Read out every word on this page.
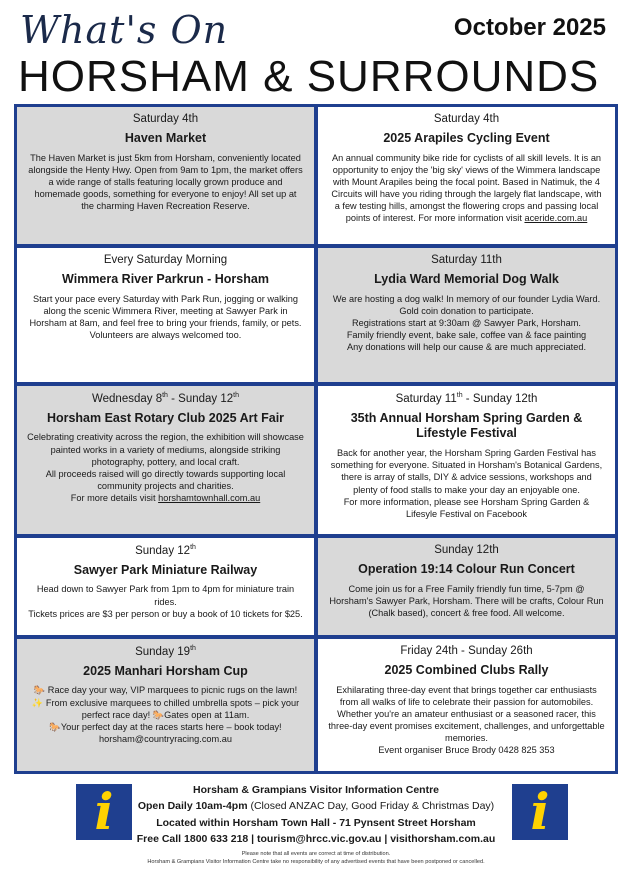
What's On	October 2025
HORSHAM & SURROUNDS
Saturday 4th
Haven Market
The Haven Market is just 5km from Horsham, conveniently located alongside the Henty Hwy. Open from 9am to 1pm, the market offers a wide range of stalls featuring locally grown produce and homemade goods, something for everyone to enjoy! All set up at the charming Haven Recreation Reserve.
Saturday 4th
2025 Arapiles Cycling Event
An annual community bike ride for cyclists of all skill levels. It is an opportunity to enjoy the 'big sky' views of the Wimmera landscape with Mount Arapiles being the focal point. Based in Natimuk, the 4 Circuits will have you riding through the largely flat landscape, with a few testing hills, amongst the flowering crops and passing local points of interest. For more information visit aceride.com.au
Every Saturday Morning
Wimmera River Parkrun - Horsham
Start your pace every Saturday with Park Run, jogging or walking along the scenic Wimmera River, meeting at Sawyer Park in Horsham at 8am, and feel free to bring your friends, family, or pets. Volunteers are always welcomed too.
Saturday 11th
Lydia Ward Memorial Dog Walk
We are hosting a dog walk! In memory of our founder Lydia Ward.
Gold coin donation to participate.
Registrations start at 9:30am @ Sawyer Park, Horsham.
Family friendly event, bake sale, coffee van & face painting
Any donations will help our cause & are much appreciated.
Wednesday 8th - Sunday 12th
Horsham East Rotary Club 2025 Art Fair
Celebrating creativity across the region, the exhibition will showcase painted works in a variety of mediums, alongside striking photography, pottery, and local craft.
All proceeds raised will go directly towards supporting local community projects and charities.
For more details visit horshamtownhall.com.au
Saturday 11th - Sunday 12th
35th Annual Horsham Spring Garden & Lifestyle Festival
Back for another year, the Horsham Spring Garden Festival has something for everyone. Situated in Horsham's Botanical Gardens, there is array of stalls, DIY & advice sessions, workshops and plenty of food stalls to make your day an enjoyable one.
For more information, please see Horsham Spring Garden & Lifesyle Festival on Facebook
Sunday 12th
Sawyer Park Miniature Railway
Head down to Sawyer Park from 1pm to 4pm for miniature train rides.
Tickets prices are $3 per person or buy a book of 10 tickets for $25.
Sunday 12th
Operation 19:14 Colour Run Concert
Come join us for a Free Family friendly fun time, 5-7pm @ Horsham's Sawyer Park, Horsham. There will be crafts, Colour Run (Chalk based), concert & free food. All welcome.
Sunday 19th
2025 Manhari Horsham Cup
🐎 Race day your way, VIP marquees to picnic rugs on the lawn!
✨ From exclusive marquees to chilled umbrella spots – pick your perfect race day! 🐎Gates open at 11am.
🐎Your perfect day at the races starts here – book today!
horsham@countryracing.com.au
Friday 24th - Sunday 26th
2025 Combined Clubs Rally
Exhilarating three-day event that brings together car enthusiasts from all walks of life to celebrate their passion for automobiles. Whether you're an amateur enthusiast or a seasoned racer, this three-day event promises excitement, challenges, and unforgettable memories.
Event organiser Bruce Brody 0428 825 353
i	Horsham & Grampians Visitor Information Centre
Open Daily 10am-4pm (Closed ANZAC Day, Good Friday & Christmas Day)
Located within Horsham Town Hall - 71 Pynsent Street Horsham
Free Call 1800 633 218 | tourism@hrcc.vic.gov.au | visithorsham.com.au i
Please note that all events are correct at time of distribution.
Horsham & Grampians Visitor Information Centre take no responsibility of any advertised events that have been postponed or cancelled.
